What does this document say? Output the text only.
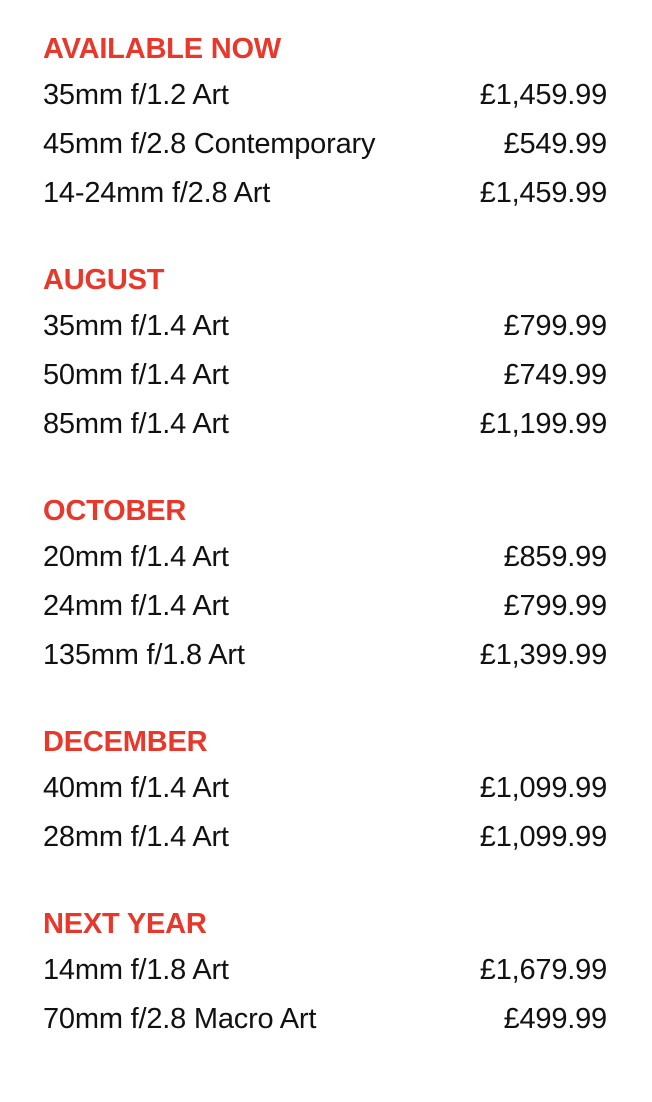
AVAILABLE NOW
35mm f/1.2 Art	£1,459.99
45mm f/2.8 Contemporary	£549.99
14-24mm f/2.8 Art	£1,459.99
AUGUST
35mm f/1.4 Art	£799.99
50mm f/1.4 Art	£749.99
85mm f/1.4 Art	£1,199.99
OCTOBER
20mm f/1.4 Art	£859.99
24mm f/1.4 Art	£799.99
135mm f/1.8 Art	£1,399.99
DECEMBER
40mm f/1.4 Art	£1,099.99
28mm f/1.4 Art	£1,099.99
NEXT YEAR
14mm f/1.8 Art	£1,679.99
70mm f/2.8 Macro Art	£499.99
